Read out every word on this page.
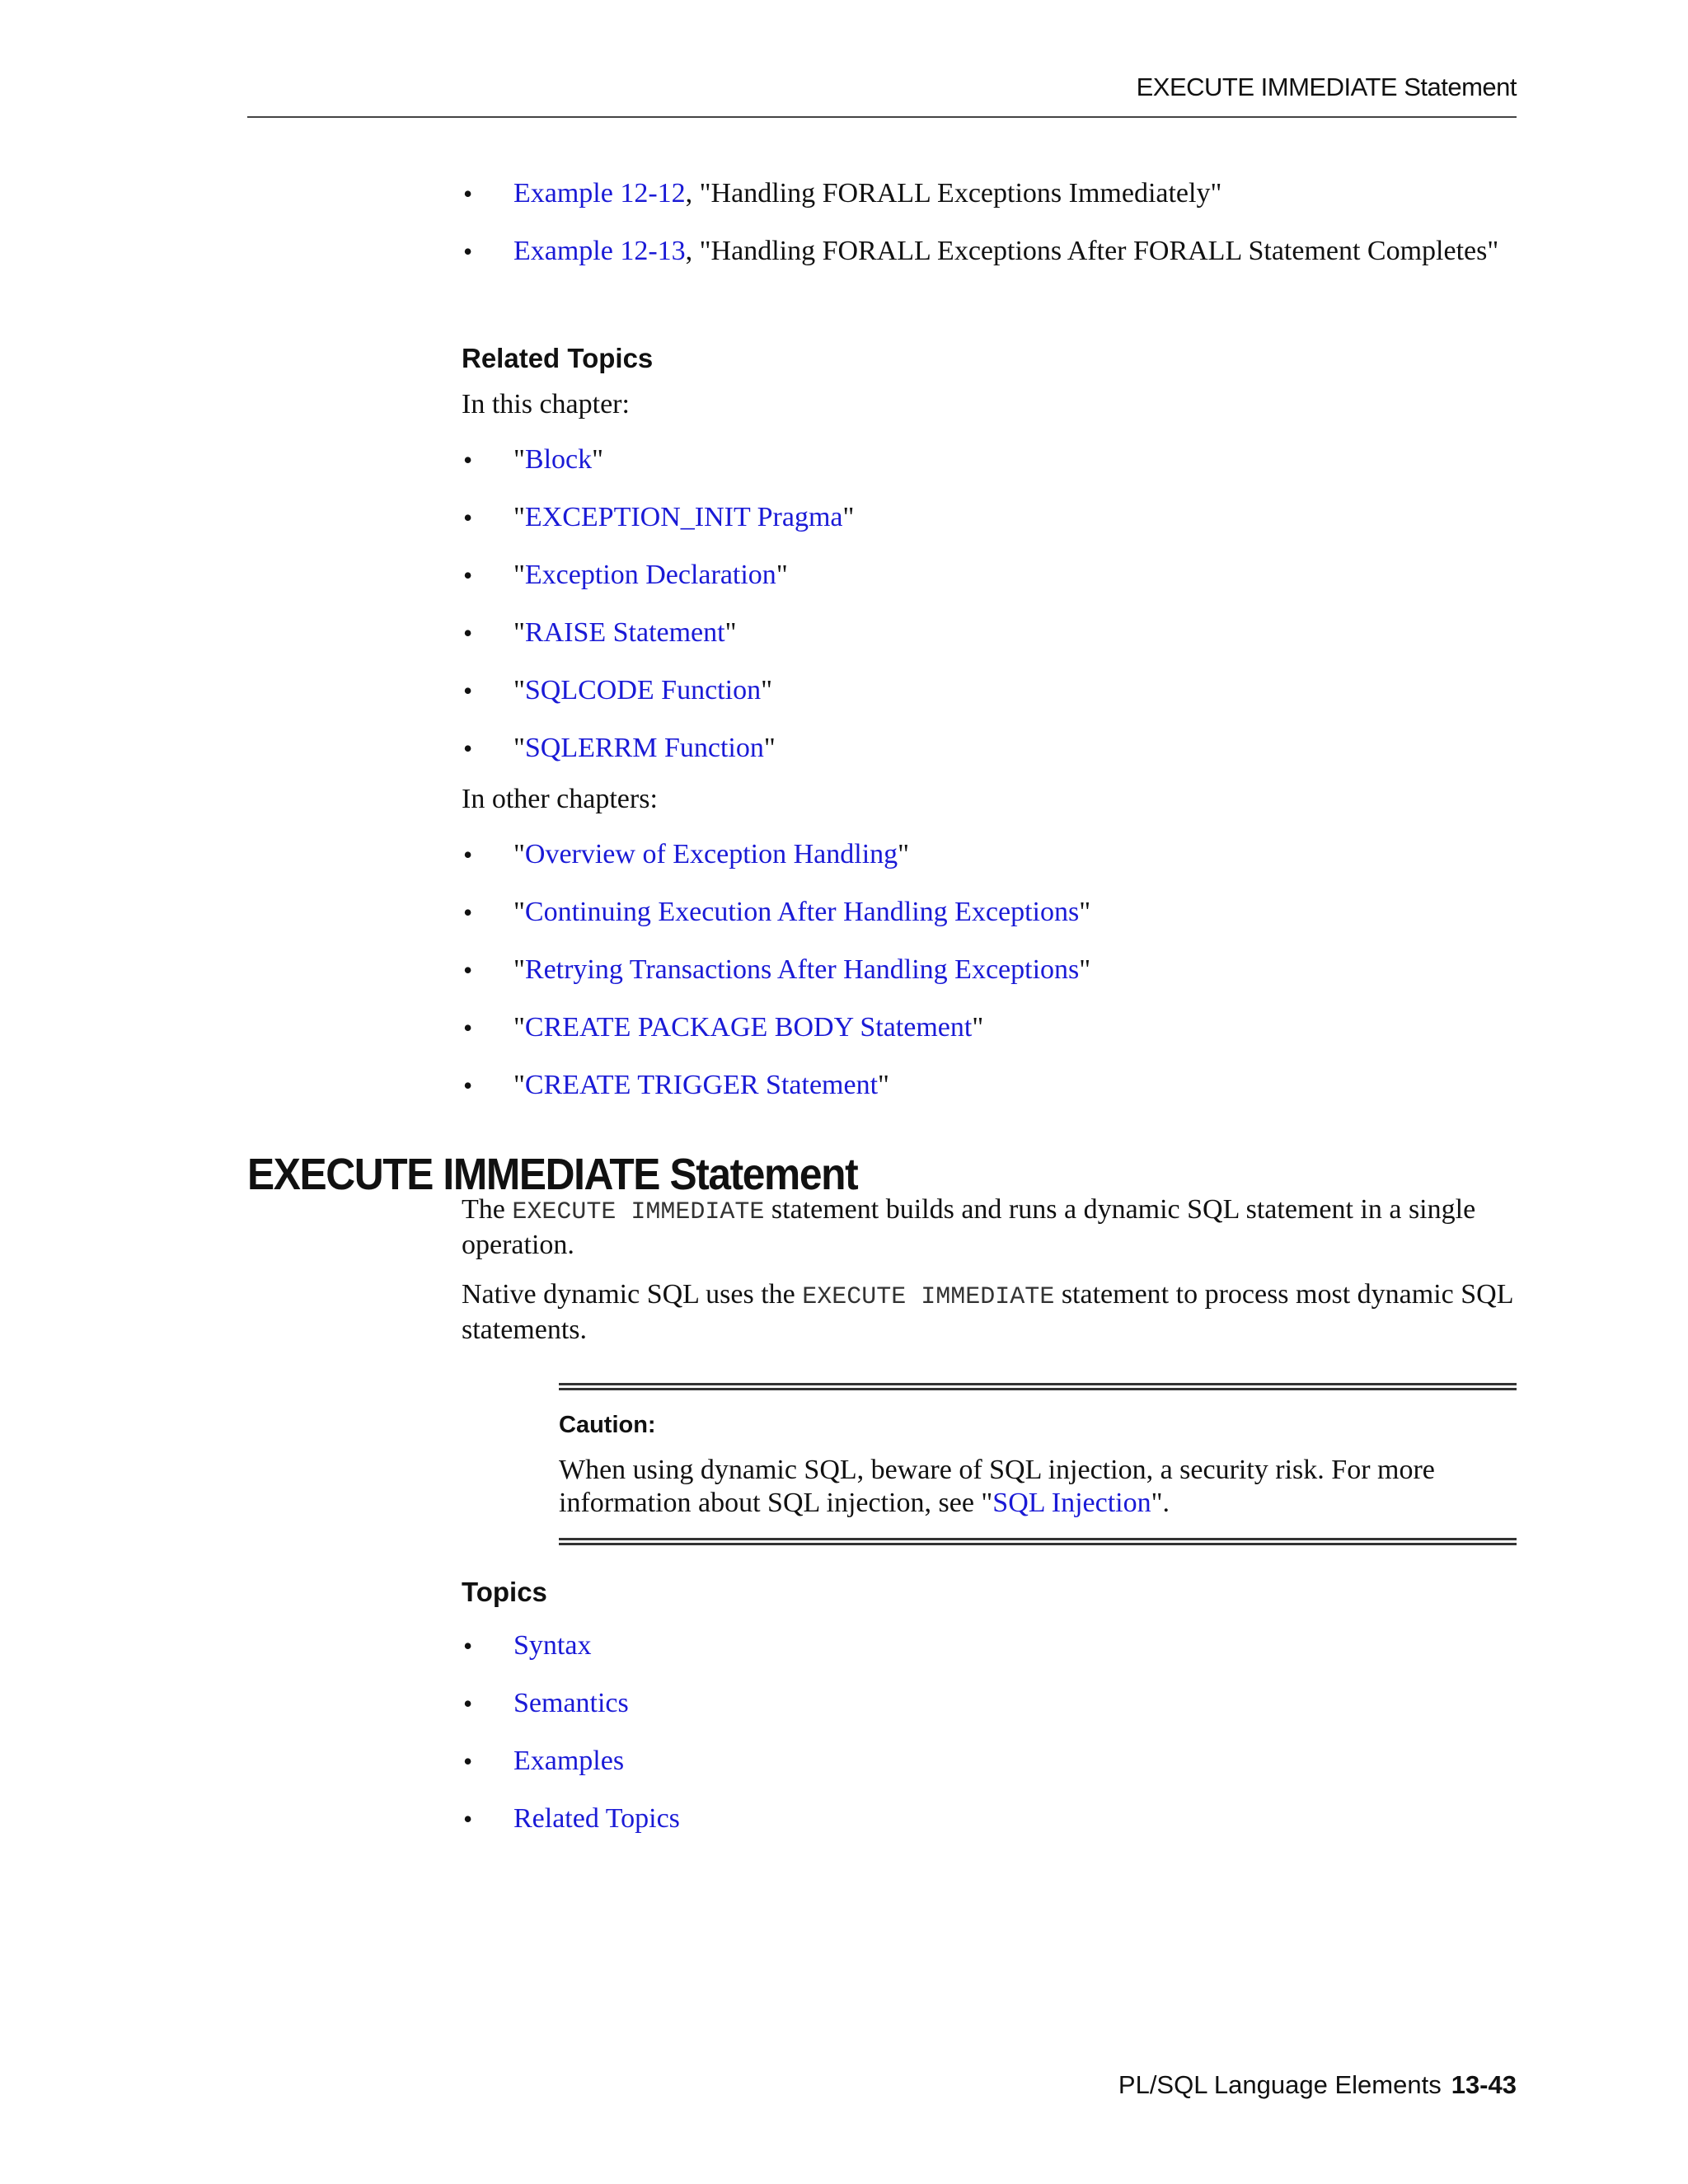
EXECUTE IMMEDIATE Statement
• Example 12-12, "Handling FORALL Exceptions Immediately"
• Example 12-13, "Handling FORALL Exceptions After FORALL Statement Completes"
Related Topics

In this chapter:

• "Block"
• "EXCEPTION_INIT Pragma"
• "Exception Declaration"
• "RAISE Statement"
• "SQLCODE Function"
• "SQLERRM Function"

In other chapters:

• "Overview of Exception Handling"
• "Continuing Execution After Handling Exceptions"
• "Retrying Transactions After Handling Exceptions"
• "CREATE PACKAGE BODY Statement"
• "CREATE TRIGGER Statement"
EXECUTE IMMEDIATE Statement

The EXECUTE IMMEDIATE statement builds and runs a dynamic SQL statement in a single operation.

Native dynamic SQL uses the EXECUTE IMMEDIATE statement to process most dynamic SQL statements.

Caution:

When using dynamic SQL, beware of SQL injection, a security risk. For more information about SQL injection, see "SQL Injection".

Topics
• Syntax
• Semantics
• Examples
• Related Topics
PL/SQL Language Elements 13-43
